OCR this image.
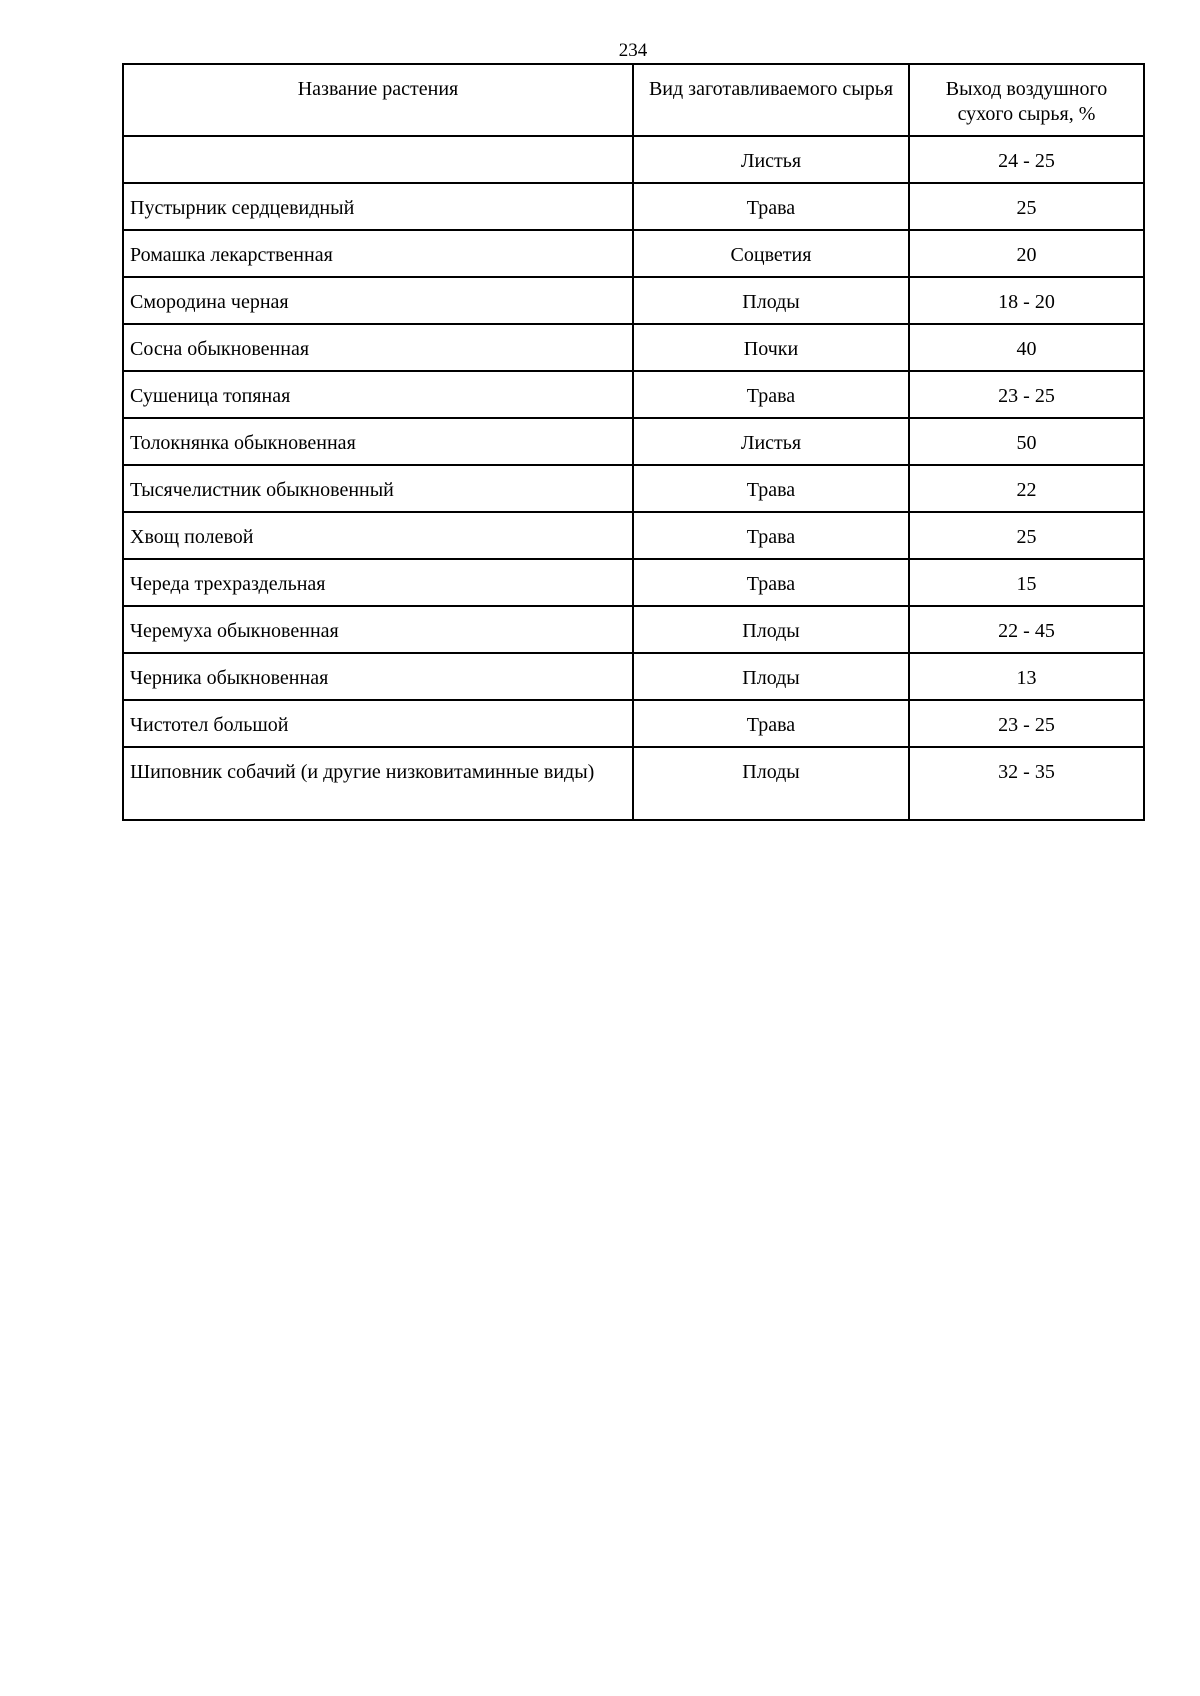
234
Название растения	Вид заготавливаемого сырья	Выход воздушного сухого сырья, %
	Листья	24 - 25
Пустырник сердцевидный	Трава	25
Ромашка лекарственная	Соцветия	20
Смородина черная	Плоды	18 - 20
Сосна обыкновенная	Почки	40
Сушеница топяная	Трава	23 - 25
Толокнянка обыкновенная	Листья	50
Тысячелистник обыкновенный	Трава	22
Хвощ полевой	Трава	25
Череда трехраздельная	Трава	15
Черемуха обыкновенная	Плоды	22 - 45
Черника обыкновенная	Плоды	13
Чистотел большой	Трава	23 - 25
Шиповник собачий (и другие низковитаминные виды)	Плоды	32 - 35
